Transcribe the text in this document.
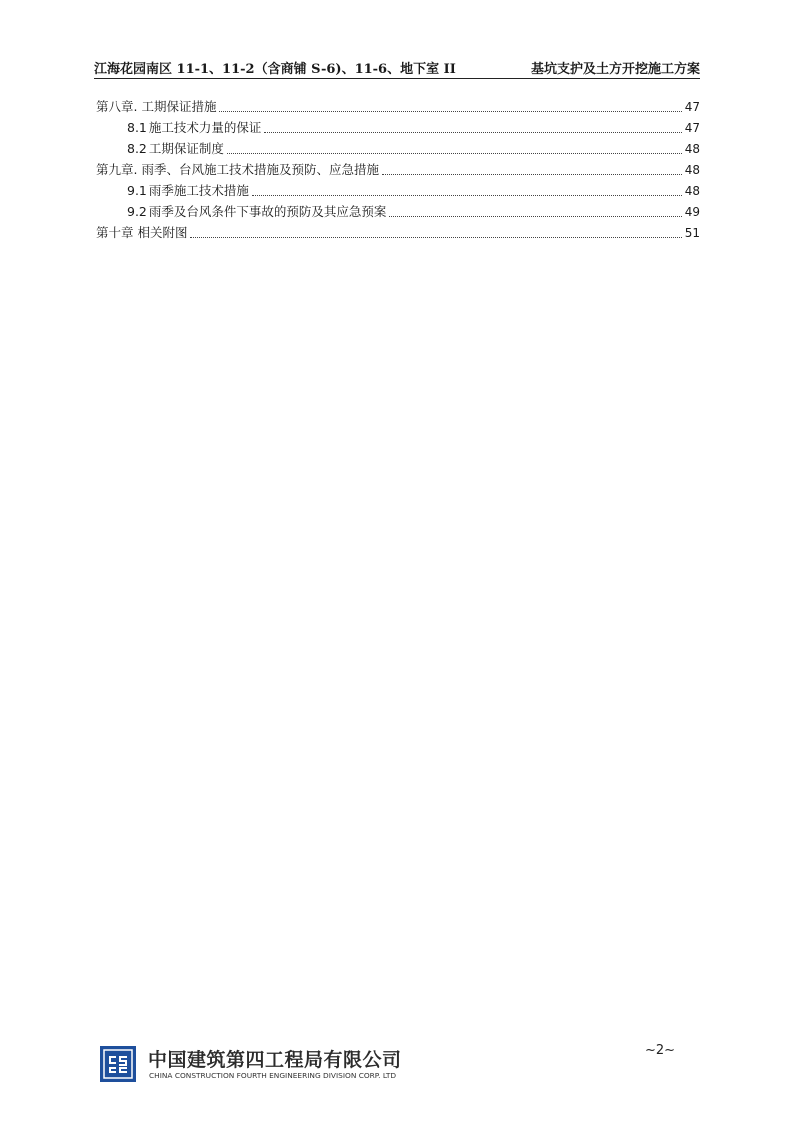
江海花园南区 11-1、11-2（含商铺 S-6)、11-6、地下室 II	基坑支护及土方开挖施工方案
第八章. 工期保证措施	47
8.1 施工技术力量的保证	47
8.2 工期保证制度	48
第九章. 雨季、台风施工技术措施及预防、应急措施	48
9.1 雨季施工技术措施	48
9.2 雨季及台风条件下事故的预防及其应急预案	49
第十章 相关附图	51
中国建筑第四工程局有限公司
CHINA CONSTRUCTION FOURTH ENGINEERING DIVISION CORP. LTD
~2~
